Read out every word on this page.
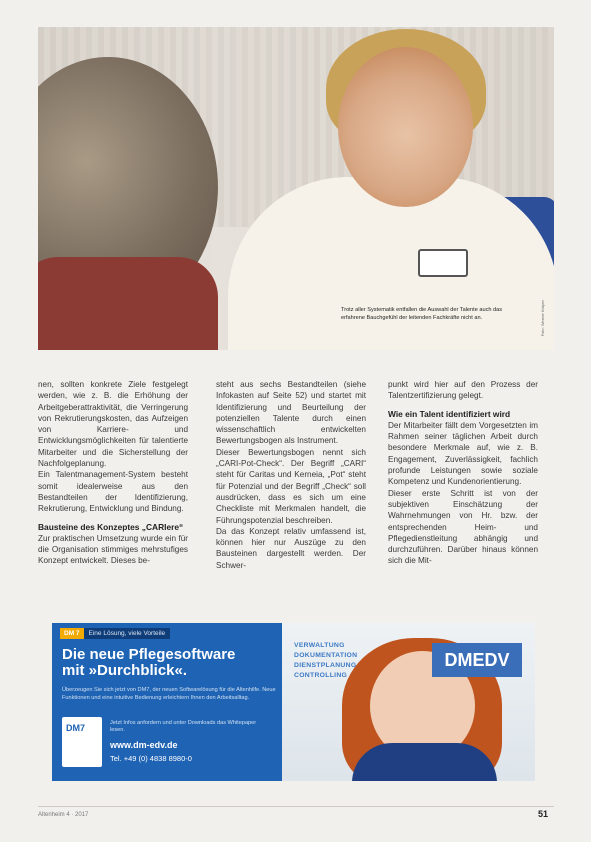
Trotz aller Systematik entfallen die Auswahl der Talente auch das erfahrene Bauchgefühl der leitenden Fachkräfte nicht an.	Foto: Werner Krüper

nen, sollten konkrete Ziele festgelegt werden, wie z. B. die Erhöhung der Arbeitgeberattraktivität, die Verringerung von Rekrutierungskosten, das Aufzeigen von Karriere- und Entwicklungsmöglichkeiten für talentierte Mitarbeiter und die Sicherstellung der Nachfolgeplanung.

Ein Talentmanagement-System besteht somit idealerweise aus den Bestandteilen der Identifizierung, Rekrutierung, Entwicklung und Bindung.

Bausteine des Konzeptes „CARIere“

Zur praktischen Umsetzung wurde ein für die Organisation stimmiges mehrstufiges Konzept entwickelt. Dieses be-

steht aus sechs Bestandteilen (siehe Infokasten auf Seite 52) und startet mit Identifizierung und Beurteilung der potenziellen Talente durch einen wissenschaftlich entwickelten Bewertungsbogen als Instrument.

Dieser Bewertungsbogen nennt sich „CARI-Pot-Check“. Der Begriff „CARI“ steht für Caritas und Kerneia, „Pot“ steht für Potenzial und der Begriff „Check“ soll ausdrücken, dass es sich um eine Checkliste mit Merkmalen handelt, die Führungspotenzial beschreiben.

Da das Konzept relativ umfassend ist, können hier nur Auszüge zu den Bausteinen dargestellt werden. Der Schwer-

punkt wird hier auf den Prozess der Talentzertifizierung gelegt.

Wie ein Talent identifiziert wird

Der Mitarbeiter fällt dem Vorgesetzten im Rahmen seiner täglichen Arbeit durch besondere Merkmale auf, wie z. B. Engagement, Zuverlässigkeit, fachlich profunde Leistungen sowie soziale Kompetenz und Kundenorientierung.

Dieser erste Schritt ist von der subjektiven Einschätzung der Wahrnehmungen von Hr. bzw. der entsprechenden Heim- und Pflegedienstleitung abhängig und durchzuführen. Darüber hinaus können sich die Mit-

DM 7	Eine Lösung, viele Vorteile
Die neue Pflegesoftware
mit »Durchblick«.
Überzeugen Sie sich jetzt von DM7, der neuen Softwarelösung für die Altenhilfe. Neue Funktionen und eine intuitive Bedienung erleichtern Ihnen den Arbeitsalltag.
DM7	Jetzt Infos anfordern und unter Downloads das Whitepaper lesen.
www.dm-edv.de
Tel. +49 (0) 4838 8980-0
VERWALTUNG
DOKUMENTATION
DIENSTPLANUNG
CONTROLLING
DMEDV
Altenheim 4 · 2017	51
